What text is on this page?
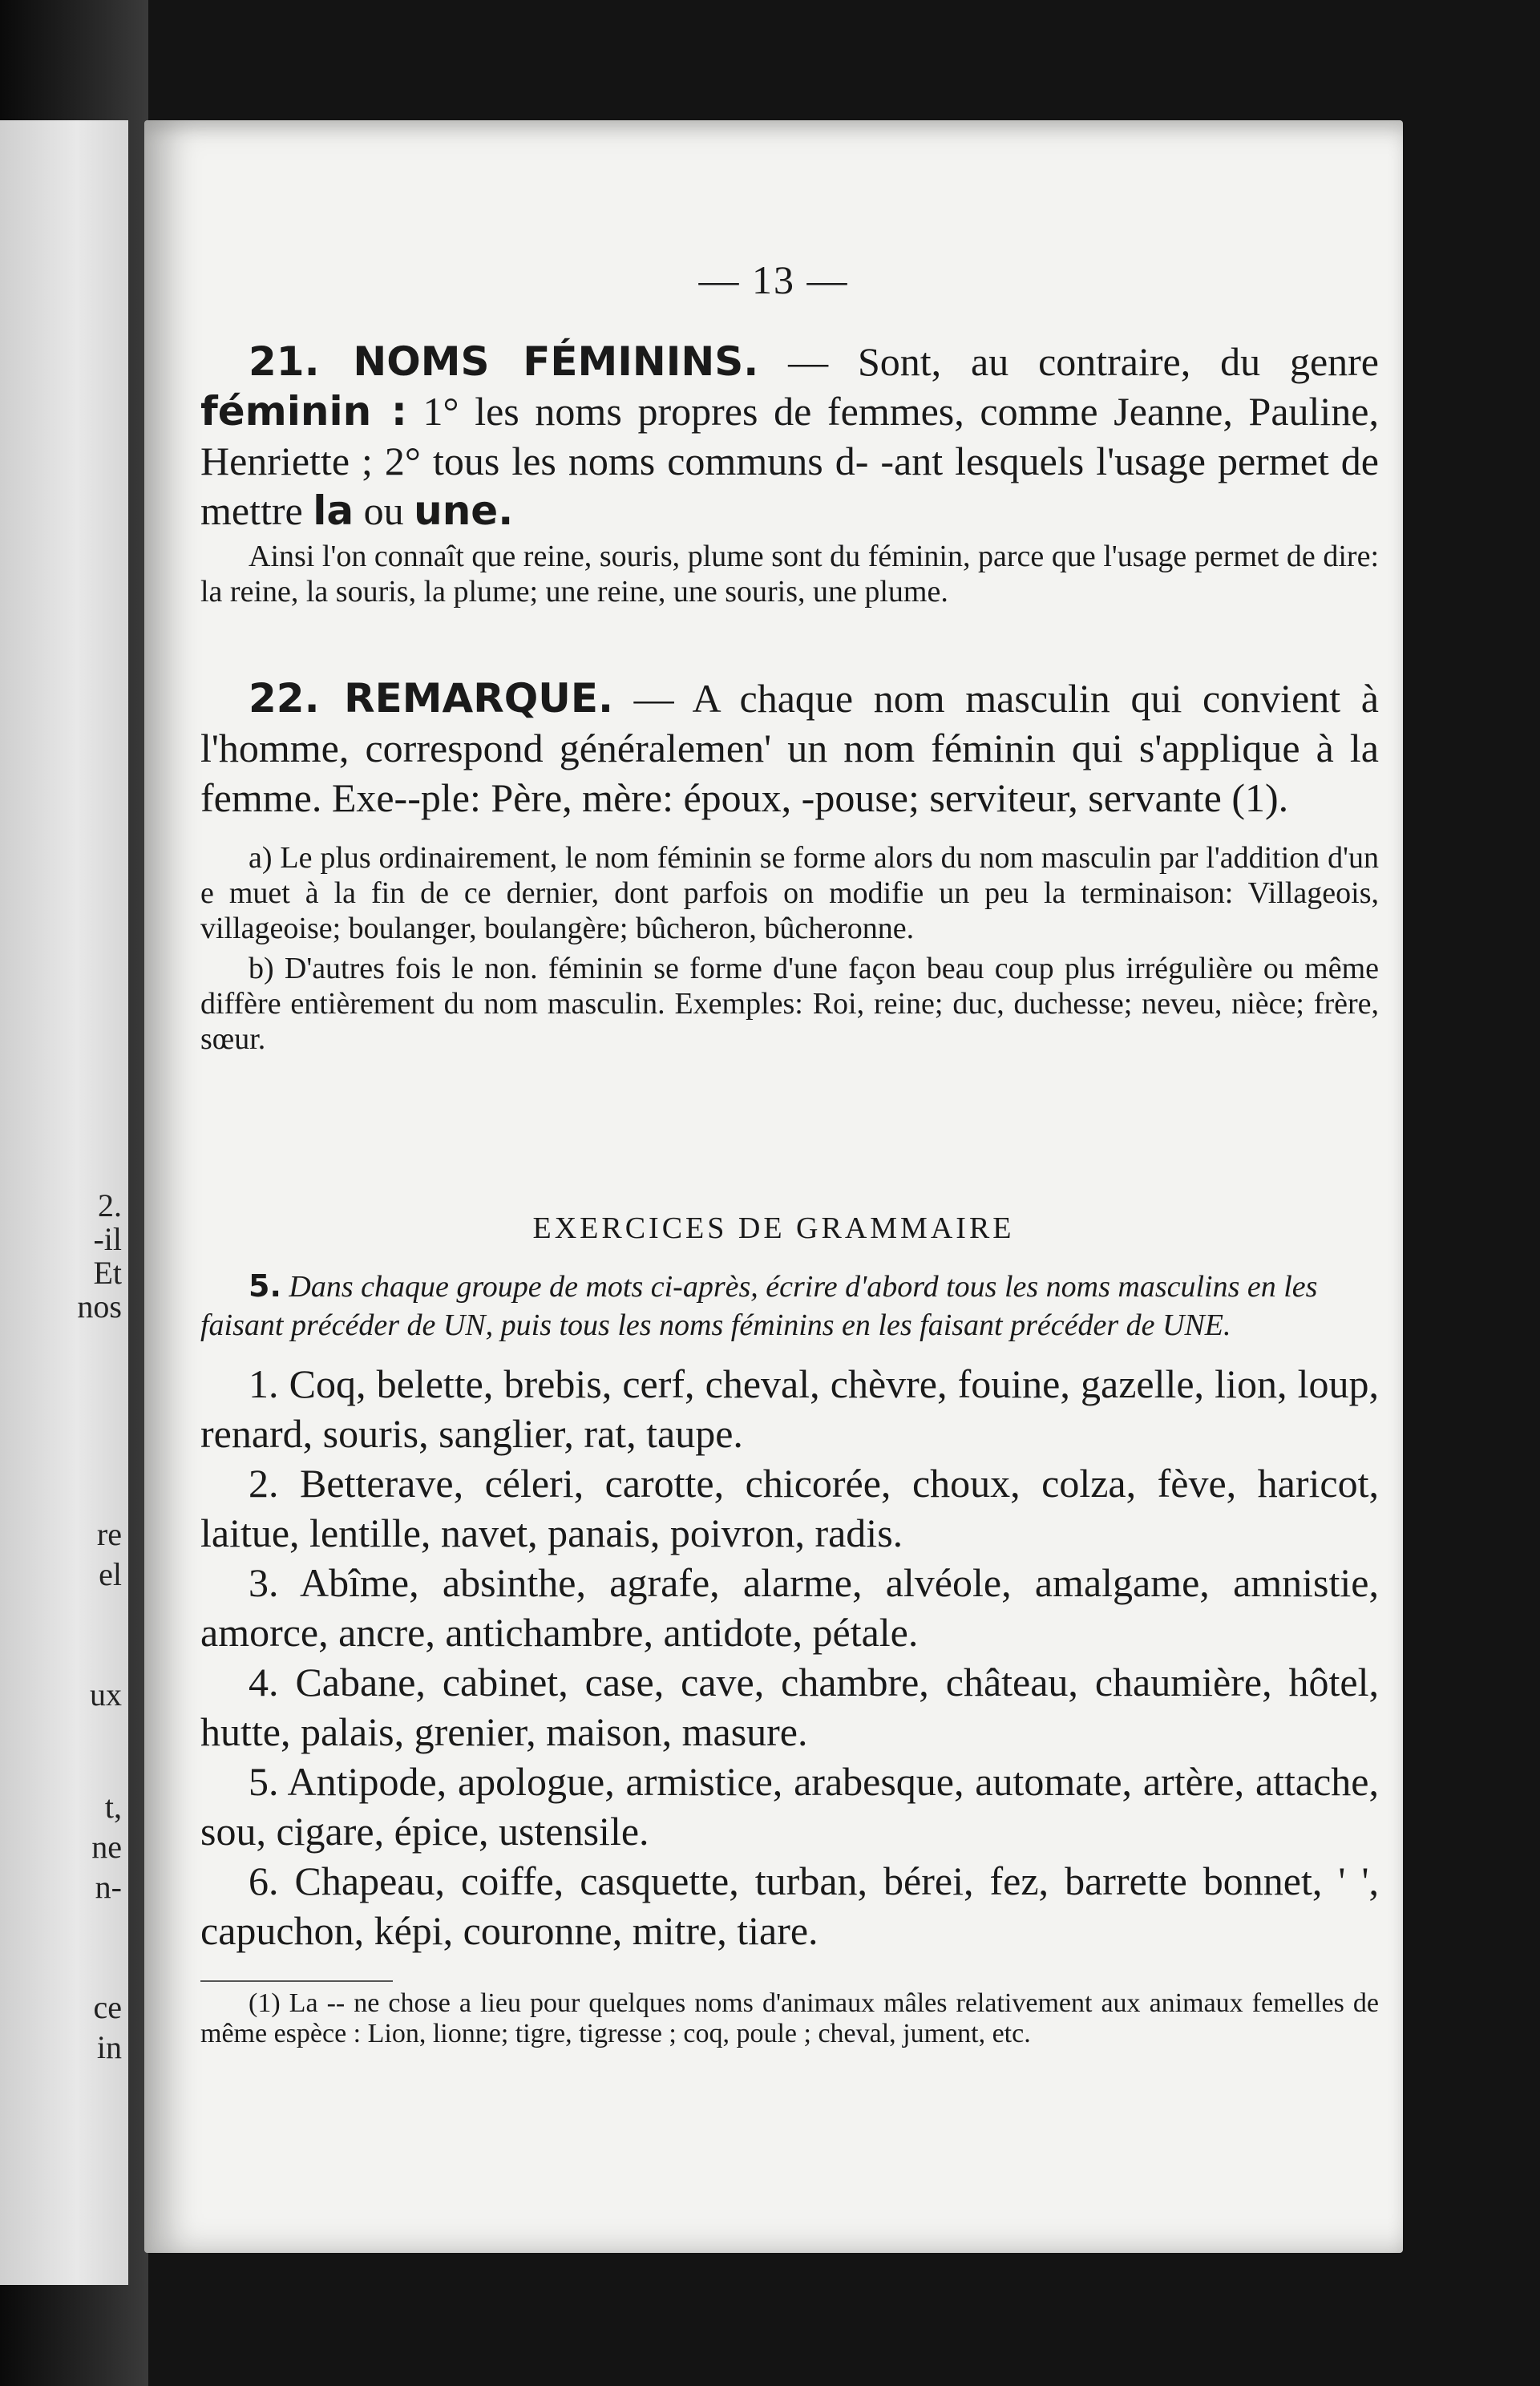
2.
-il
Et
nos
re
el
ux
t,
ne
n-
ce
in
— 13 —

21. NOMS FÉMININS. — Sont, au contraire, du genre féminin : 1° les noms propres de femmes, comme Jeanne, Pauline, Henriette ; 2° tous les noms communs d- -ant lesquels l'usage permet de mettre la ou une.

Ainsi l'on connaît que reine, souris, plume sont du féminin, parce que l'usage permet de dire: la reine, la souris, la plume; une reine, une souris, une plume.

22. REMARQUE. — A chaque nom masculin qui convient à l'homme, correspond généralemen' un nom féminin qui s'applique à la femme. Exe--ple: Père, mère: époux, -pouse; serviteur, servante (1).

a) Le plus ordinairement, le nom féminin se forme alors du nom masculin par l'addition d'un e muet à la fin de ce dernier, dont parfois on modifie un peu la terminaison: Villageois, villageoise; boulanger, boulangère; bûcheron, bûcheronne.

b) D'autres fois le non. féminin se forme d'une façon beau coup plus irrégulière ou même diffère entièrement du nom masculin. Exemples: Roi, reine; duc, duchesse; neveu, nièce; frère, sœur.

EXERCICES DE GRAMMAIRE

5. Dans chaque groupe de mots ci-après, écrire d'abord tous les noms masculins en les faisant précéder de UN, puis tous les noms féminins en les faisant précéder de UNE.

1. Coq, belette, brebis, cerf, cheval, chèvre, fouine, gazelle, lion, loup, renard, souris, sanglier, rat, taupe.

2. Betterave, céleri, carotte, chicorée, choux, colza, fève, haricot, laitue, lentille, navet, panais, poivron, radis.

3. Abîme, absinthe, agrafe, alarme, alvéole, amalgame, amnistie, amorce, ancre, antichambre, antidote, pétale.

4. Cabane, cabinet, case, cave, chambre, château, chaumière, hôtel, hutte, palais, grenier, maison, masure.

5. Antipode, apologue, armistice, arabesque, automate, artère, attache, sou, cigare, épice, ustensile.

6. Chapeau, coiffe, casquette, turban, bérei, fez, barrette bonnet, ' ', capuchon, képi, couronne, mitre, tiare.

(1) La -- ne chose a lieu pour quelques noms d'animaux mâles relativement aux animaux femelles de même espèce : Lion, lionne; tigre, tigresse ; coq, poule ; cheval, jument, etc.
